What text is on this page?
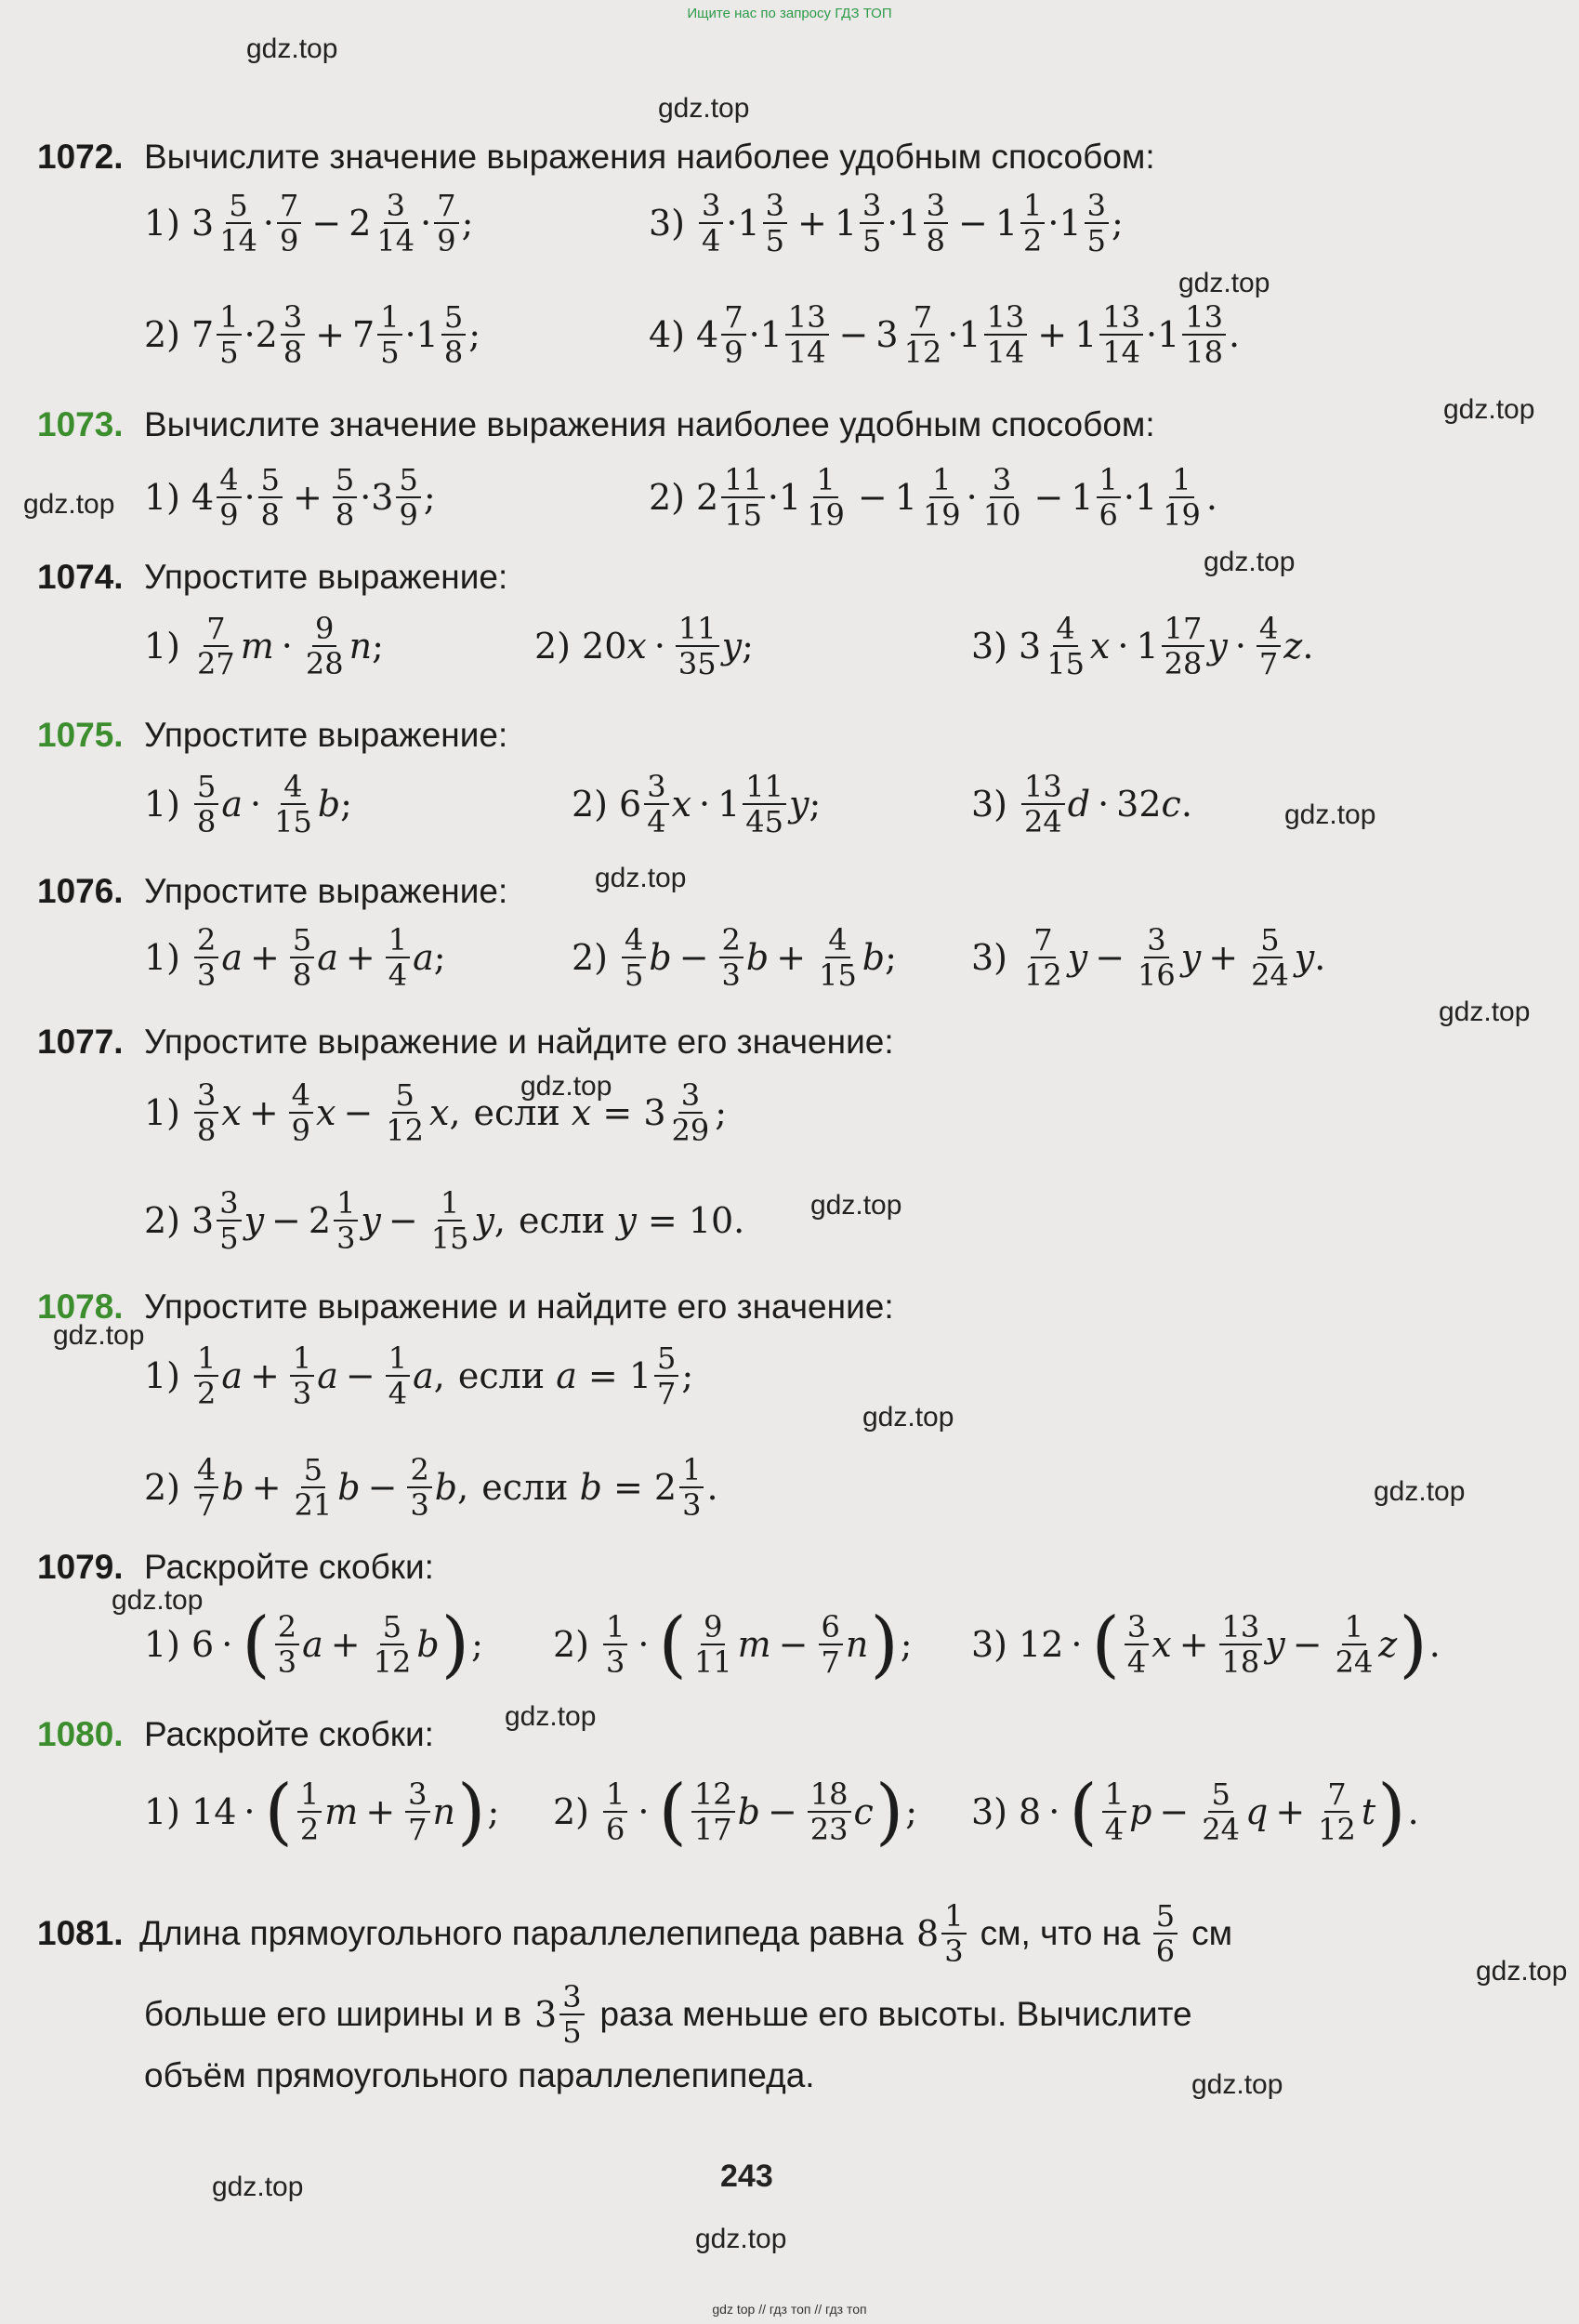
Ищите нас по запросу ГДЗ ТОП
gdz.top
gdz.top
gdz.top
gdz.top
gdz.top
gdz.top
gdz.top
gdz.top
gdz.top
gdz.top
gdz.top
gdz.top
gdz.top
gdz.top
gdz.top
gdz.top
gdz.top
gdz.top
gdz.top
gdz.top
1072. Вычислите значение выражения наиболее удобным способом:
1) 3 5
14 · 7
$9 - 2 \frac{3}{14} \cdot 7$
9 ;	3) 3
4 ·1 3
$5 + 1 \frac{3}{5} \cdot 1$ 3
$8 - 1 \frac{1}{2} \cdot 1$ 3
5 ;
2) 7 1
5 ·2 3
$8 + 7 \frac{1}{5} \cdot 1$ 5
8 ;	4) 4 7
9 ·1 13
$14 - 3 \frac{7}{12} \cdot 1$ 13
$14 + 1 \frac{13}{14} \cdot 1$ 13
18 .
1073. Вычислите значение выражения наиболее удобным способом:
1) 4 4
9 · 5
$8 + \frac{5}{8} \cdot 3$ 5
9 ;	2) 2 11
15 ·1 1
$19 - 1 \frac{1}{19} \cdot 3$
$10 - 1 \frac{1}{6} \cdot 1$ 1
19 .
1074. Упростите выражение:
1) 7
27 m · 9
28 n ;	2) 20 x · 11
35 y ;	3) 3 4
15 x · 1 17
28 y · 4
7 z .
1075. Упростите выражение:
1) 5
8 a · 4
15 b ;	2) 6 3
4 x · 1 11
45 y ;	3) 13
24 d · 32 c .
1076. Упростите выражение:
1) 2
3 $a + \frac{5}{8}$ $a + \frac{1}{4}$ a ;	2) 4
5 $b - \frac{2}{3}$ $b + \frac{4}{15}$ b ; 3) 7
12 $y - \frac{3}{16}$ $y + \frac{5}{24}$ y .
1077. Упростите выражение и найдите его значение:
1) 3
8 $x + \frac{4}{9}$ $x - \frac{5}{12}$ x , если
x = 3 3
29 ;
2) 3 3
5 $y - 2 \frac{1}{3}$ $y - \frac{1}{15}$ y , если
y = 10.
1078. Упростите выражение и найдите его значение:
1) 1
2 $a + \frac{1}{3}$ $a - \frac{1}{4}$ a , если
a = 1 5
7 ;
2) 4
7 $b + \frac{5}{21}$ $b - \frac{2}{3}$ b , если
b = 2 1
3 .
1079. Раскройте скобки:
1) 6 · ( 2
3 $a + \frac{5}{12}$ b ) ; 2) 1
3 · ( 9
11 $m - \frac{6}{7}$ n ) ; 3) 12 · ( 3
4 $x + \frac{13}{18}$ $y - \frac{1}{24}$ z ) .
1080. Раскройте скобки:
1) 14 · ( 1
2 $m + \frac{3}{7}$ n ) ; 2) 1
6 · ( 12
17 $b - \frac{18}{23}$ c ) ; 3) 8 · ( 1
4 $p - \frac{5}{24}$ $q + \frac{7}{12}$ t ) .
1081. Длина прямоугольного параллелепипеда равна 8 1
3 см, что на 5
6 см
больше его ширины и в 3 3
5 раза меньше его высоты. Вычислите
объём прямоугольного параллелепипеда.
243
gdz top // гдз топ // гдз топ
